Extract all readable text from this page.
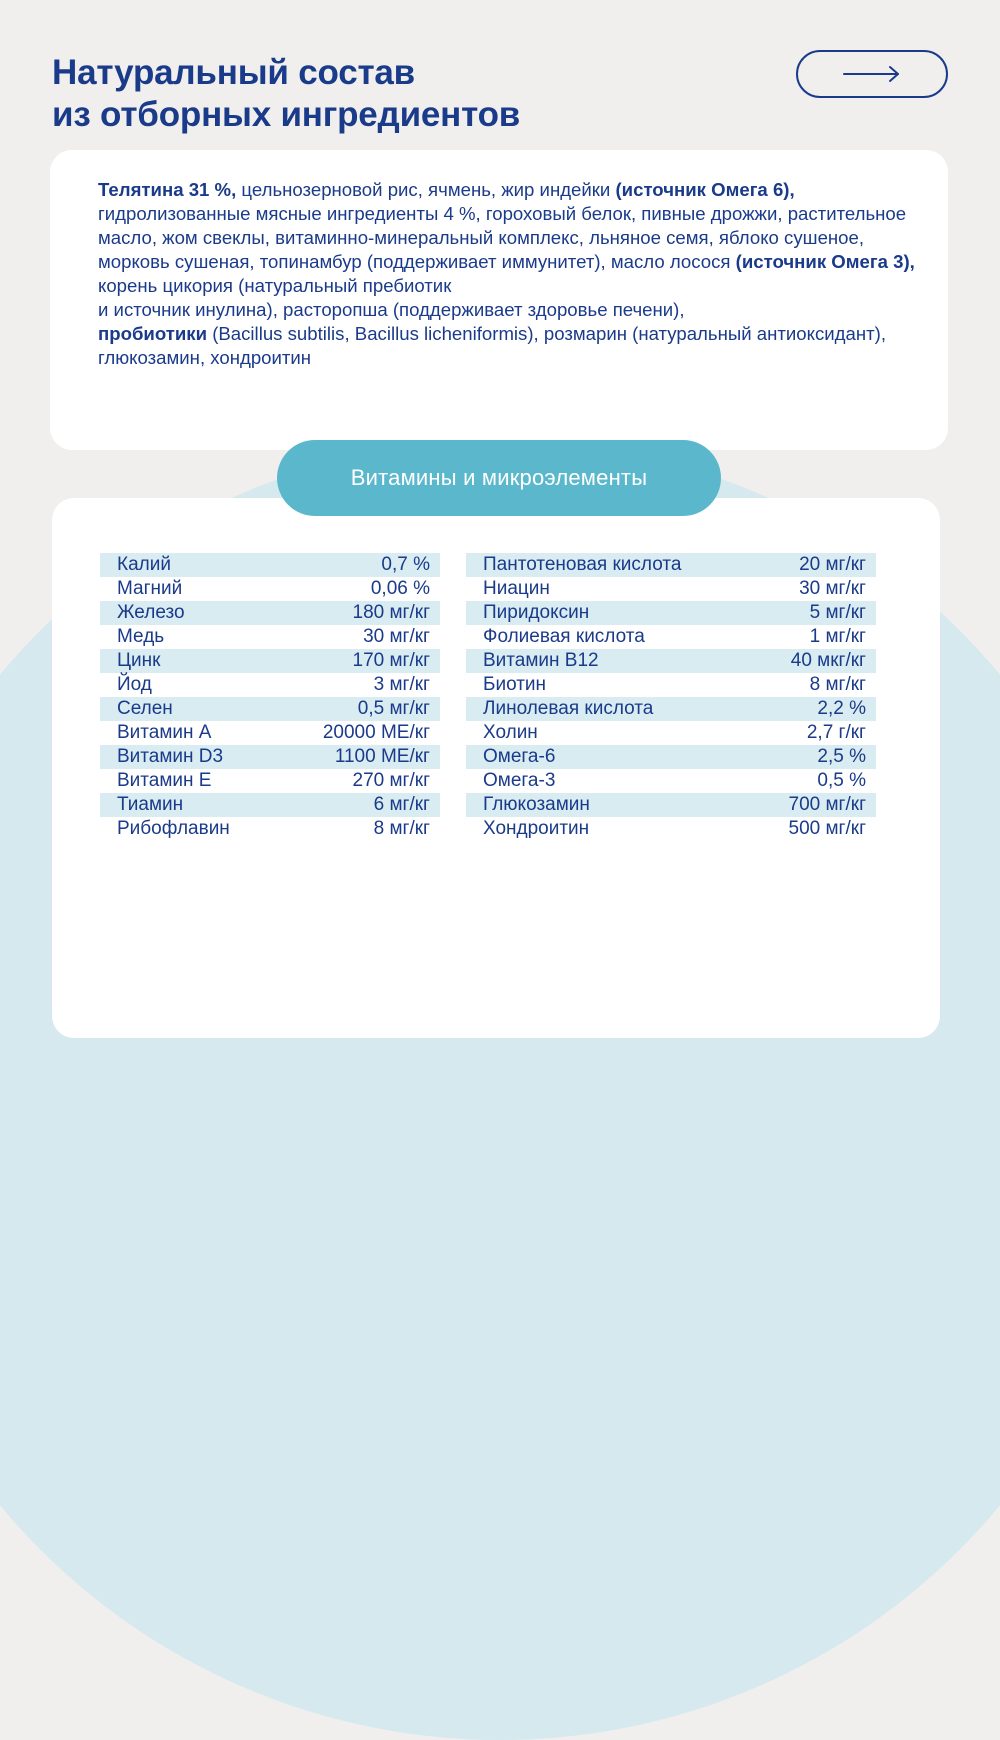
Натуральный состав
из отборных ингредиентов

Телятина 31 %, цельнозерновой рис, ячмень, жир индейки (источник Омега 6), гидролизованные мясные ингредиенты 4 %, гороховый белок, пивные дрожжи, растительное масло, жом свеклы, витаминно-минеральный комплекс, льняное семя, яблоко сушеное, морковь сушеная, топинамбур (поддерживает иммунитет), масло лосося (источник Омега 3), корень цикория (натуральный пребиотик
и источник инулина), расторопша (поддерживает здоровье печени),
пробиотики (Bacillus subtilis, Bacillus licheniformis), розмарин (натуральный антиоксидант), глюкозамин, хондроитин

Витамины и микроэлементы
Калий	0,7 %
Магний	0,06 %
Железо	180 мг/кг
Медь	30 мг/кг
Цинк	170 мг/кг
Йод	3 мг/кг
Селен	0,5 мг/кг
Витамин А	20000 МЕ/кг
Витамин D3	1100 МЕ/кг
Витамин Е	270 мг/кг
Тиамин	6 мг/кг
Рибофлавин	8 мг/кг
Пантотеновая кислота	20 мг/кг
Ниацин	30 мг/кг
Пиридоксин	5 мг/кг
Фолиевая кислота	1 мг/кг
Витамин В12	40 мкг/кг
Биотин	8 мг/кг
Линолевая кислота	2,2 %
Холин	2,7 г/кг
Омега-6	2,5 %
Омега-3	0,5 %
Глюкозамин	700 мг/кг
Хондроитин	500 мг/кг
